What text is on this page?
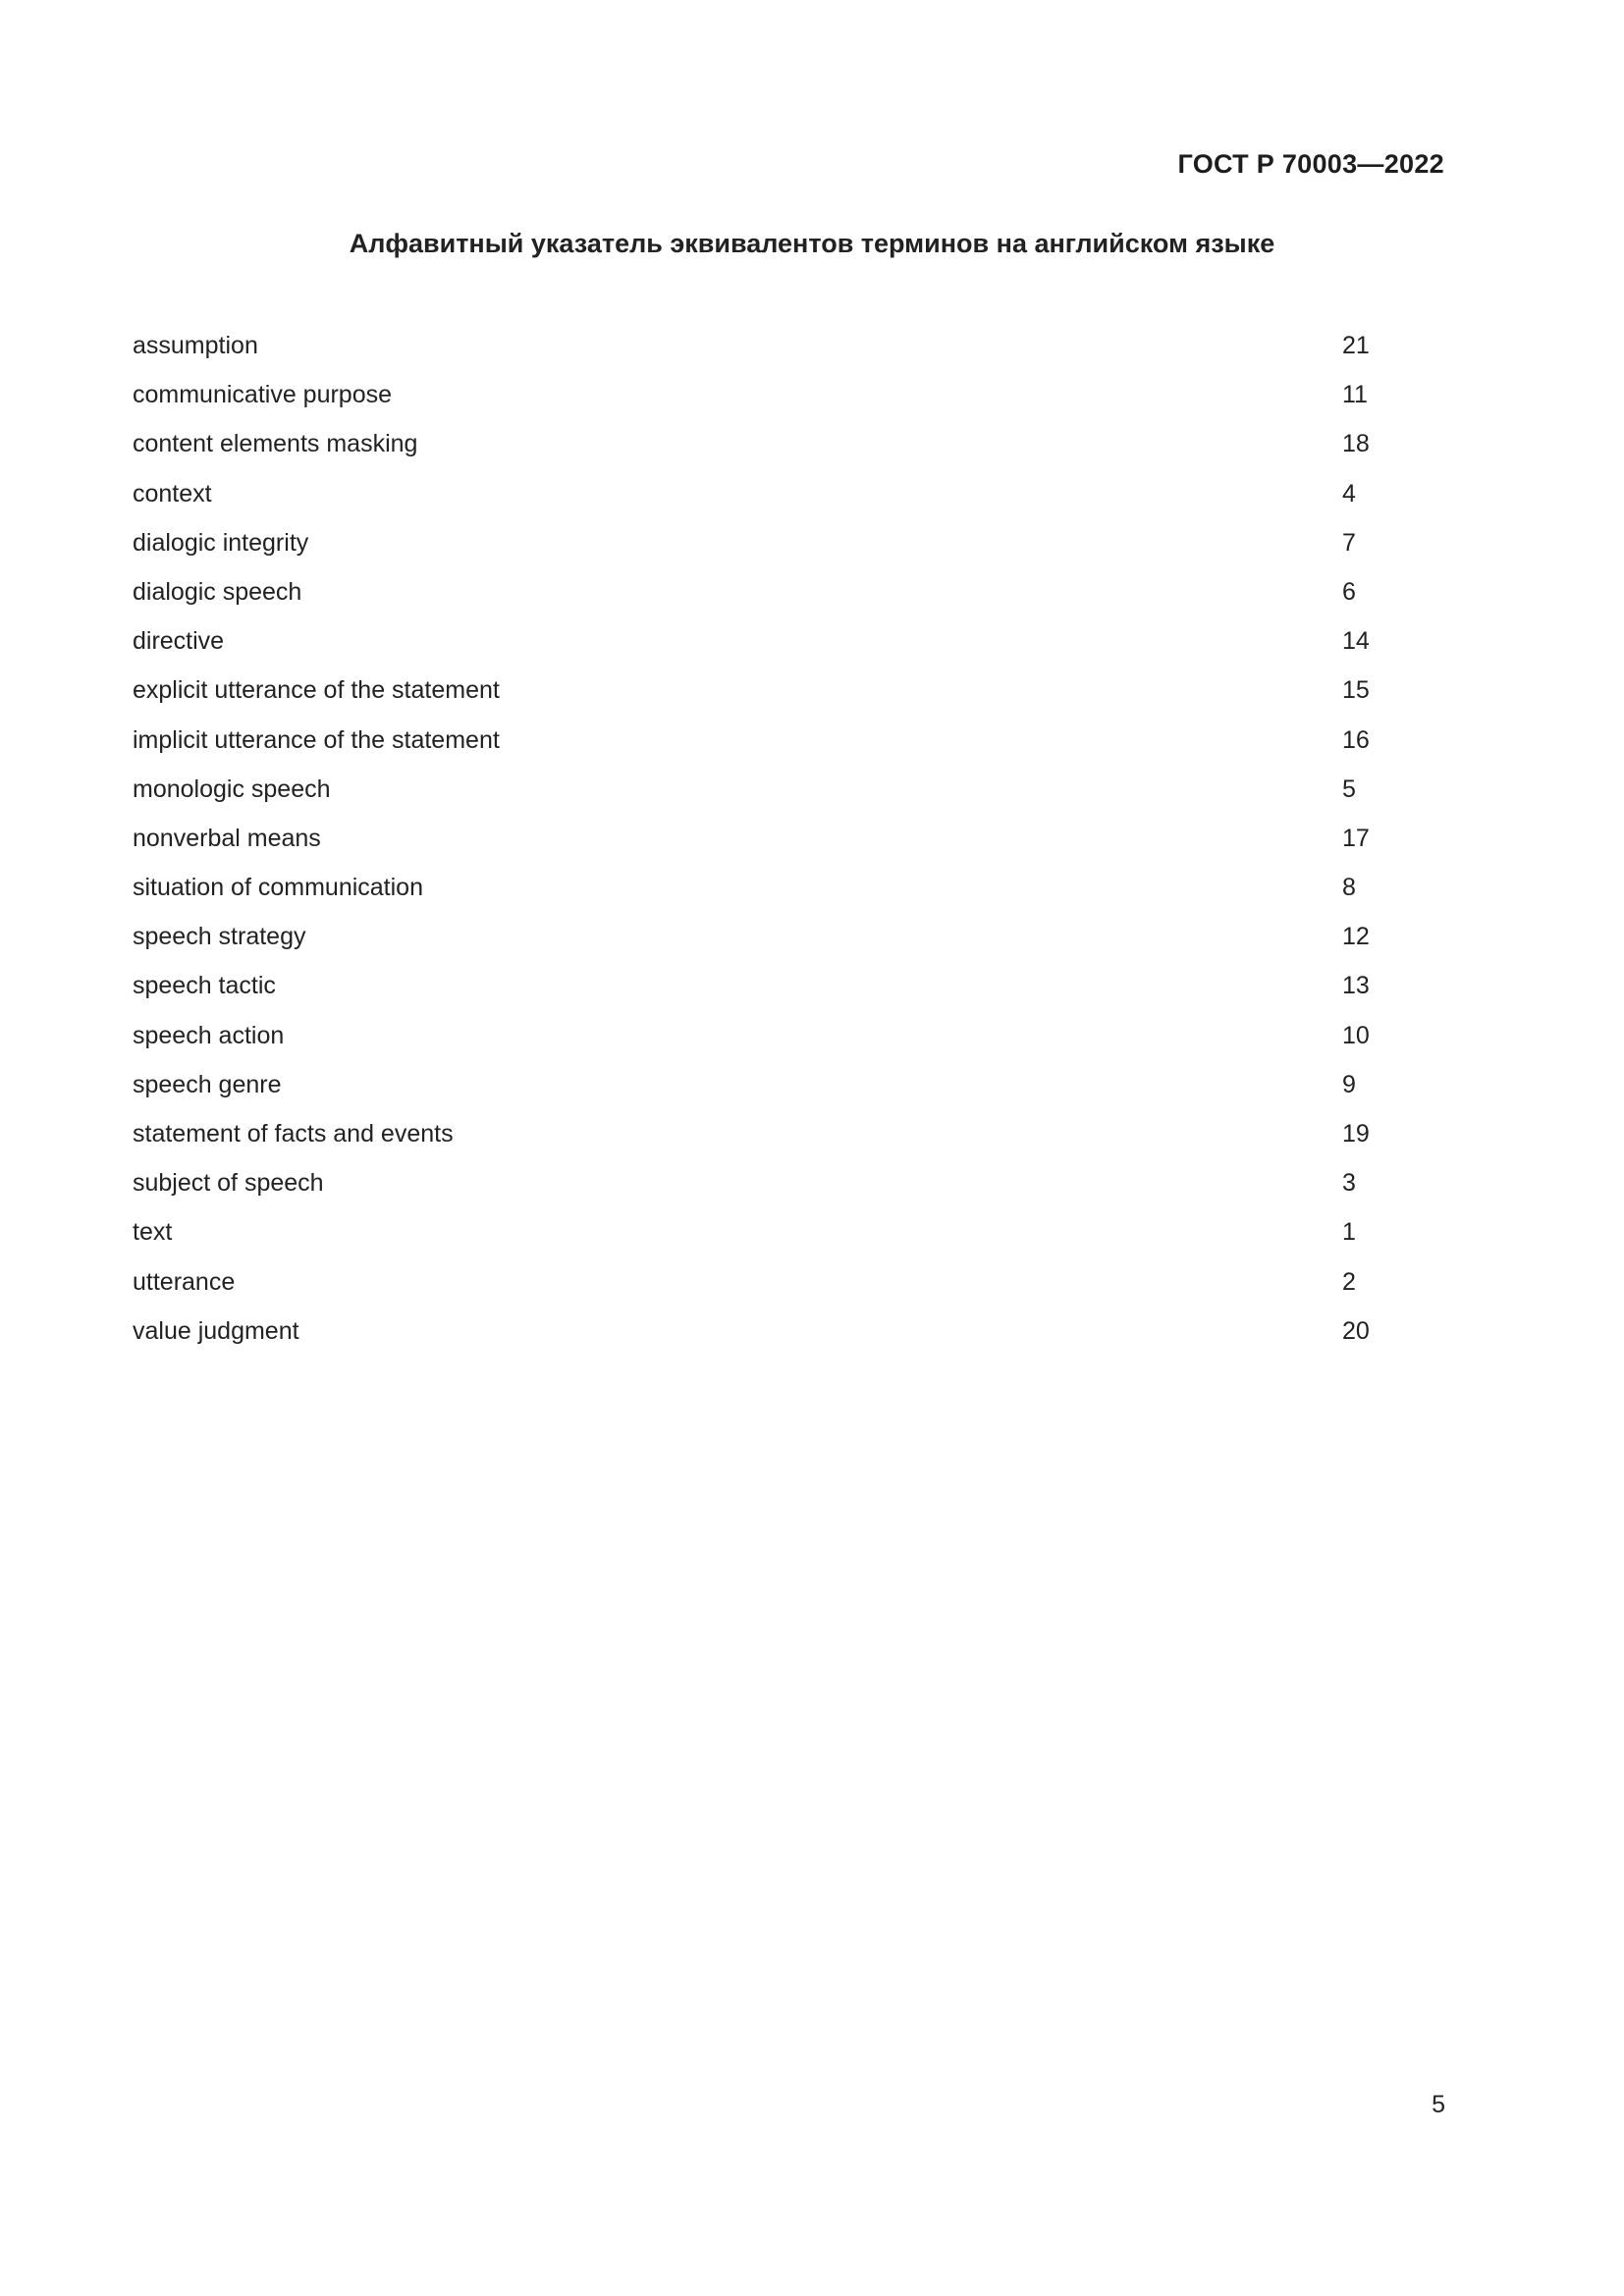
ГОСТ Р 70003—2022
Алфавитный указатель эквивалентов терминов на английском языке
assumption	21
communicative purpose	11
content elements masking	18
context	4
dialogic integrity	7
dialogic speech	6
directive	14
explicit utterance of the statement	15
implicit utterance of the statement	16
monologic speech	5
nonverbal means	17
situation of communication	8
speech strategy	12
speech tactic	13
speech action	10
speech genre	9
statement of facts and events	19
subject of speech	3
text	1
utterance	2
value judgment	20
5
